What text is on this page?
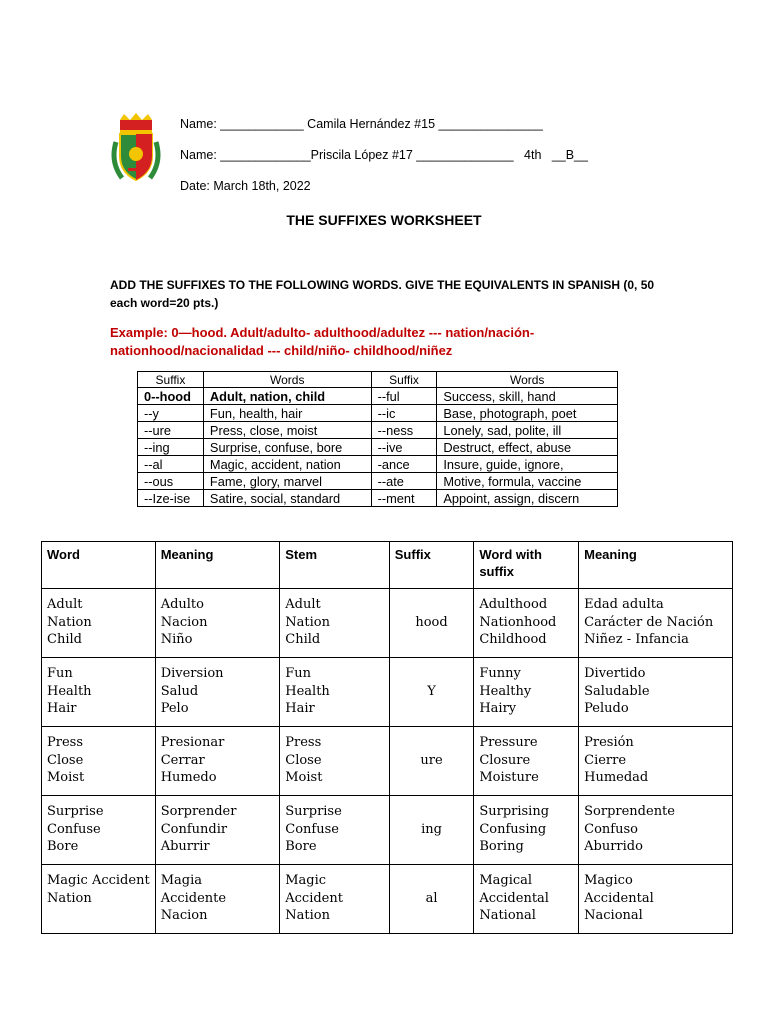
Name: ____________ Camila Hernández #15 _______________
Name: _____________Priscila López #17 ______________   4th   __B__
Date: March 18th, 2022
THE SUFFIXES WORKSHEET
ADD THE SUFFIXES TO THE FOLLOWING WORDS. GIVE THE EQUIVALENTS IN SPANISH (0, 50 each word=20 pts.)
Example: 0—hood. Adult/adulto- adulthood/adultez --- nation/nación- nationhood/nacionalidad --- child/niño- childhood/niñez
Suffix	Words	Suffix	Words
0--hood	Adult, nation, child	--ful	Success, skill, hand
--y	Fun, health, hair	--ic	Base, photograph, poet
--ure	Press, close, moist	--ness	Lonely, sad, polite, ill
--ing	Surprise, confuse, bore	--ive	Destruct, effect, abuse
--al	Magic, accident, nation	-ance	Insure, guide, ignore,
--ous	Fame, glory, marvel	--ate	Motive, formula, vaccine
--Ize-ise	Satire, social, standard	--ment	Appoint, assign, discern
Word	Meaning	Stem	Suffix	Word with suffix	Meaning

Adult
Nation
Child	Adulto
Nacion
Niño	Adult
Nation
Child	hood	Adulthood
Nationhood
Childhood	Edad adulta
Carácter de Nación
Niñez - Infancia

Fun
Health
Hair	Diversion
Salud
Pelo	Fun
Health
Hair	Y	Funny
Healthy
Hairy	Divertido
Saludable
Peludo

Press
Close
Moist	Presionar
Cerrar
Humedo	Press
Close
Moist	ure	Pressure
Closure
Moisture	Presión
Cierre
Humedad

Surprise
Confuse
Bore	Sorprender
Confundir
Aburrir	Surprise
Confuse
Bore	ing	Surprising
Confusing
Boring	Sorprendente
Confuso
Aburrido

Magic Accident
Nation	Magia
Accidente
Nacion	Magic
Accident
Nation	al	Magical
Accidental
National	Magico
Accidental
Nacional
